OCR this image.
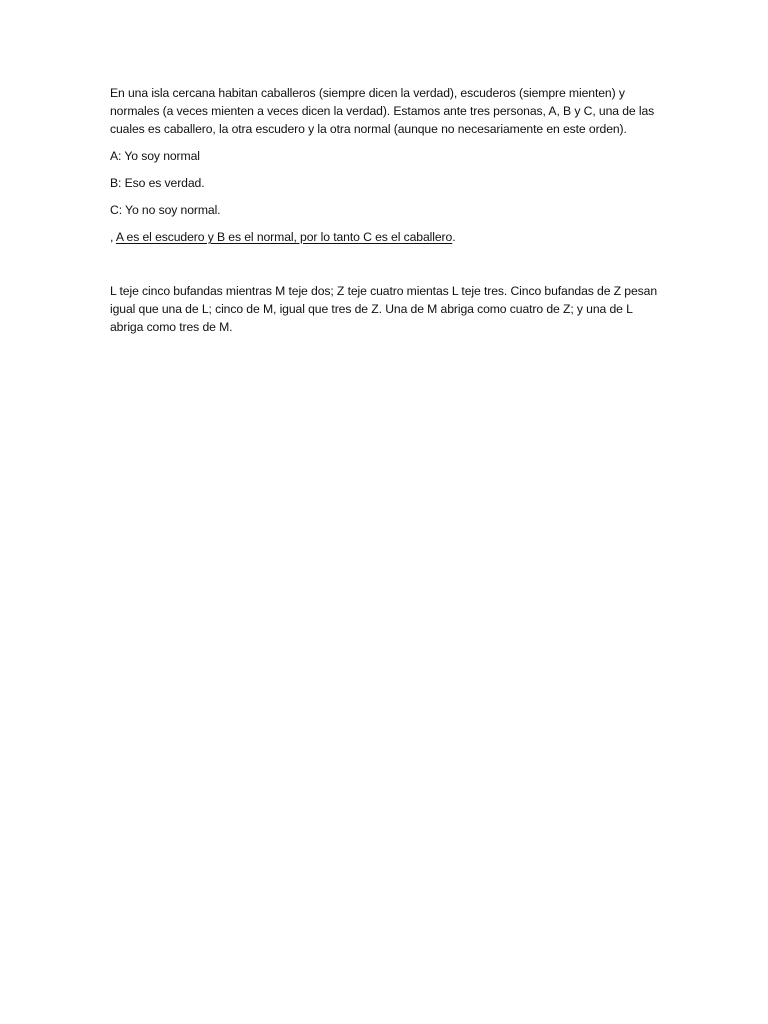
En una isla cercana habitan caballeros (siempre dicen la verdad), escuderos (siempre mienten) y normales (a veces mienten a veces dicen la verdad). Estamos ante tres personas, A, B y C, una de las cuales es caballero, la otra escudero y la otra normal (aunque no necesariamente en este orden).

A: Yo soy normal

B: Eso es verdad.

C: Yo no soy normal.

, A es el escudero y B es el normal, por lo tanto C es el caballero.

L teje cinco bufandas mientras M teje dos; Z teje cuatro mientas L teje tres. Cinco bufandas de Z pesan igual que una de L; cinco de M, igual que tres de Z. Una de M abriga como cuatro de Z; y una de L abriga como tres de M.
